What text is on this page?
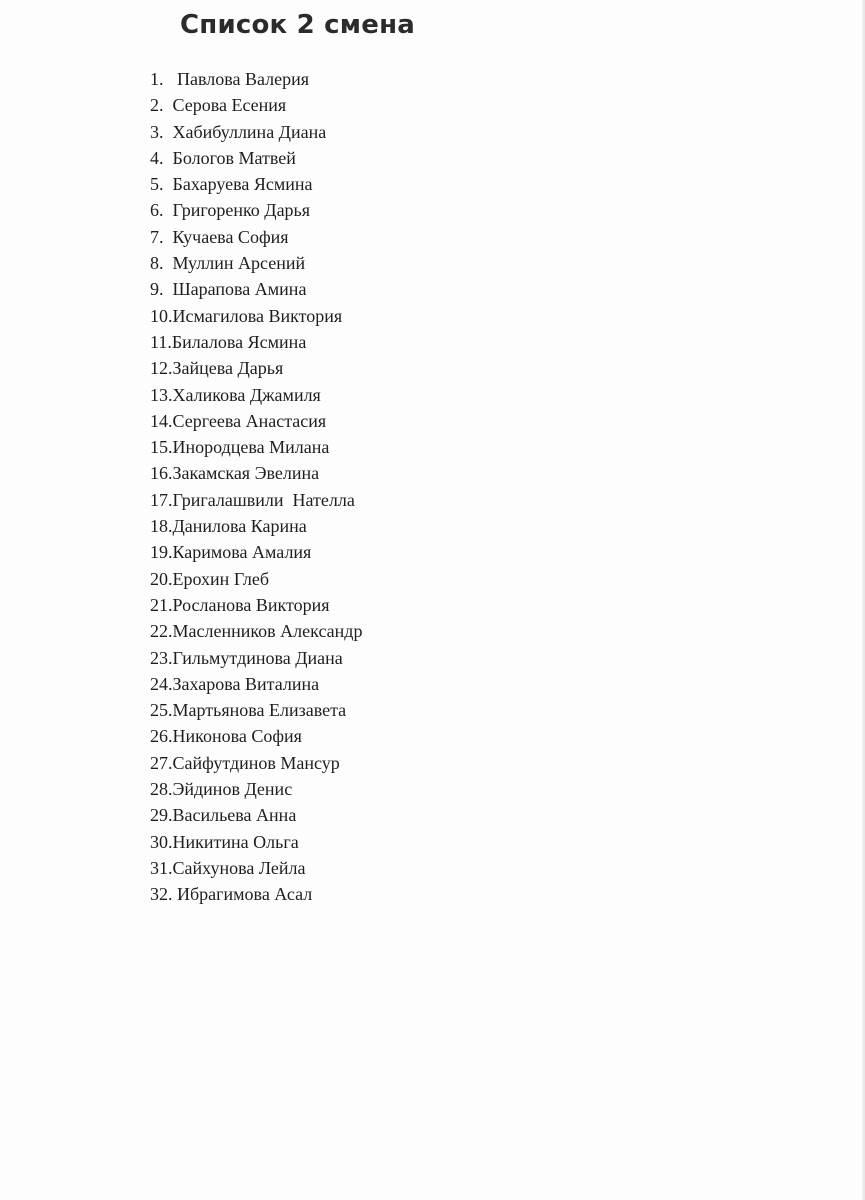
Список 2 смена
1.   Павлова Валерия
2.  Серова Есения
3.  Хабибуллина Диана
4.  Бологов Матвей
5.  Бахаруева Ясмина
6.  Григоренко Дарья
7.  Кучаева София
8.  Муллин Арсений
9.  Шарапова Амина
10.Исмагилова Виктория
11.Билалова Ясмина
12.Зайцева Дарья
13.Халикова Джамиля
14.Сергеева Анастасия
15.Инородцева Милана
16.Закамская Эвелина
17.Григалашвили  Нателла
18.Данилова Карина
19.Каримова Амалия
20.Ерохин Глеб
21.Росланова Виктория
22.Масленников Александр
23.Гильмутдинова Диана
24.Захарова Виталина
25.Мартьянова Елизавета
26.Никонова София
27.Сайфутдинов Мансур
28.Эйдинов Денис
29.Васильева Анна
30.Никитина Ольга
31.Сайхунова Лейла
32. Ибрагимова Асал
